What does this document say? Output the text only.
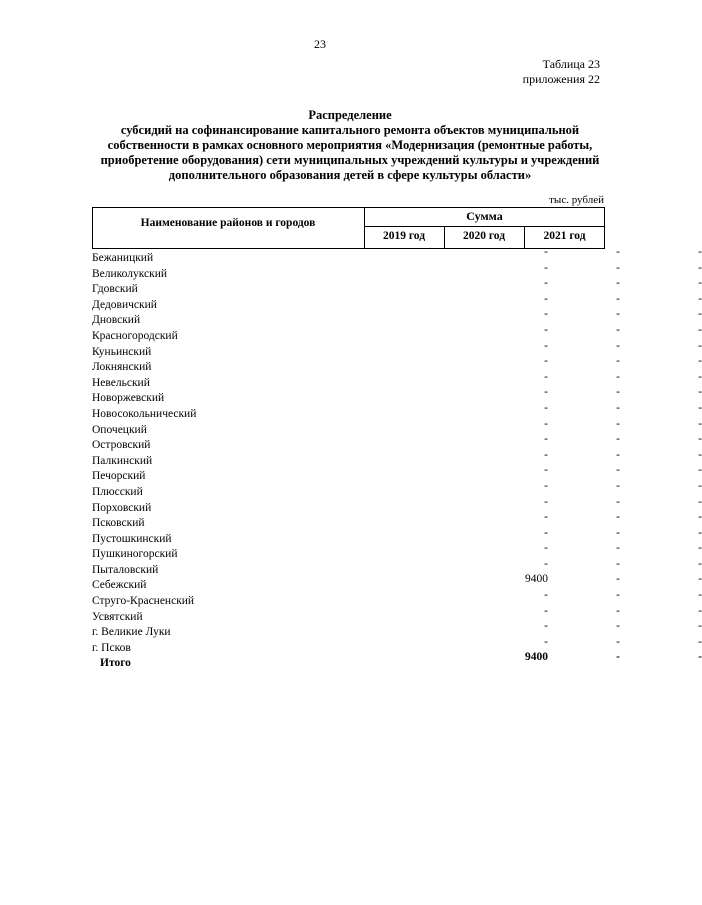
23
Таблица 23
приложения 22
Распределение
субсидий на софинансирование капитального ремонта объектов муниципальной
собственности в рамках основного мероприятия «Модернизация (ремонтные работы,
приобретение оборудования) сети муниципальных учреждений культуры и учреждений
дополнительного образования детей в сфере культуры области»
тыс. рублей
Наименование районов и городов	Сумма
2019 год	2020 год	2021 год
Бежаницкий	-	-	-
Великолукский	-	-	-
Гдовский	-	-	-
Дедовичский	-	-	-
Дновский	-	-	-
Красногородский	-	-	-
Куньинский	-	-	-
Локнянский	-	-	-
Невельский	-	-	-
Новоржевский	-	-	-
Новосокольнический	-	-	-
Опочецкий	-	-	-
Островский	-	-	-
Палкинский	-	-	-
Печорский	-	-	-
Плюсский	-	-	-
Порховский	-	-	-
Псковский	-	-	-
Пустошкинский	-	-	-
Пушкиногорский	-	-	-
Пыталовский	-	-	-
Себежский	9400	-	-
Струго-Красненский	-	-	-
Усвятский	-	-	-
г. Великие Луки	-	-	-
г. Псков	-	-	-
Итого	9400	-	-
